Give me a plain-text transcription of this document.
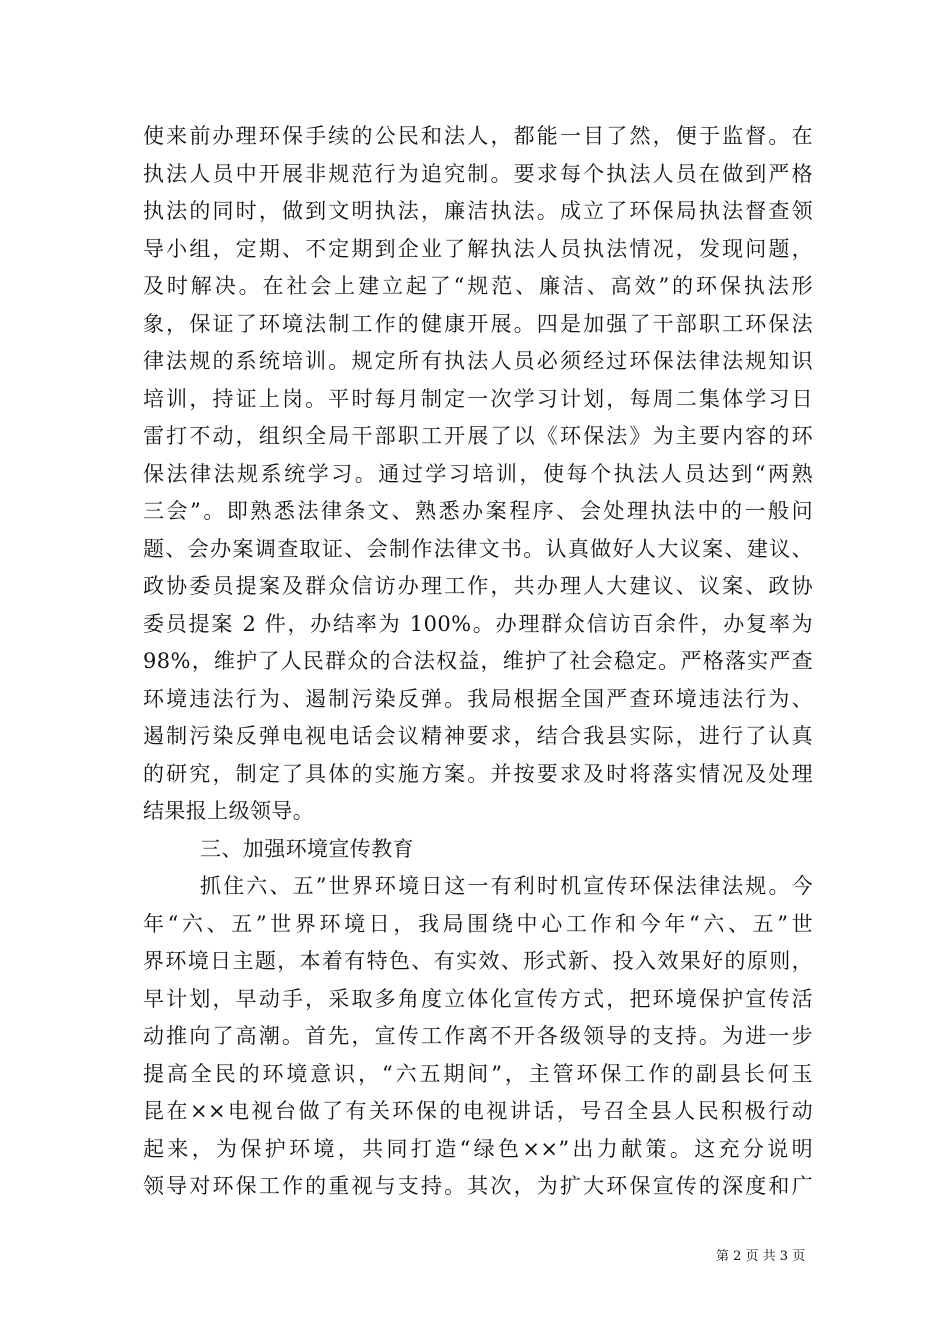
使来前办理环保手续的公民和法人，都能一目了然，便于监督。在
执法人员中开展非规范行为追究制。要求每个执法人员在做到严格
执法的同时，做到文明执法，廉洁执法。成立了环保局执法督查领
导小组，定期、不定期到企业了解执法人员执法情况，发现问题，
及时解决。在社会上建立起了“规范、廉洁、高效”的环保执法形
象，保证了环境法制工作的健康开展。四是加强了干部职工环保法
律法规的系统培训。规定所有执法人员必须经过环保法律法规知识
培训，持证上岗。平时每月制定一次学习计划，每周二集体学习日
雷打不动，组织全局干部职工开展了以《环保法》为主要内容的环
保法律法规系统学习。通过学习培训，使每个执法人员达到“两熟
三会”。即熟悉法律条文、熟悉办案程序、会处理执法中的一般问
题、会办案调查取证、会制作法律文书。认真做好人大议案、建议、
政协委员提案及群众信访办理工作，共办理人大建议、议案、政协
委员提案 2 件，办结率为 100%。办理群众信访百余件，办复率为
98%，维护了人民群众的合法权益，维护了社会稳定。严格落实严查
环境违法行为、遏制污染反弹。我局根据全国严查环境违法行为、
遏制污染反弹电视电话会议精神要求，结合我县实际，进行了认真
的研究，制定了具体的实施方案。并按要求及时将落实情况及处理
结果报上级领导。
三、加强环境宣传教育
抓住六、五”世界环境日这一有利时机宣传环保法律法规。今
年“六、五”世界环境日，我局围绕中心工作和今年“六、五”世
界环境日主题，本着有特色、有实效、形式新、投入效果好的原则，
早计划，早动手，采取多角度立体化宣传方式，把环境保护宣传活
动推向了高潮。首先，宣传工作离不开各级领导的支持。为进一步
提高全民的环境意识，“六五期间”，主管环保工作的副县长何玉
昆在××电视台做了有关环保的电视讲话，号召全县人民积极行动
起来，为保护环境，共同打造“绿色××”出力献策。这充分说明
领导对环保工作的重视与支持。其次，为扩大环保宣传的深度和广
第 2 页 共 3 页
